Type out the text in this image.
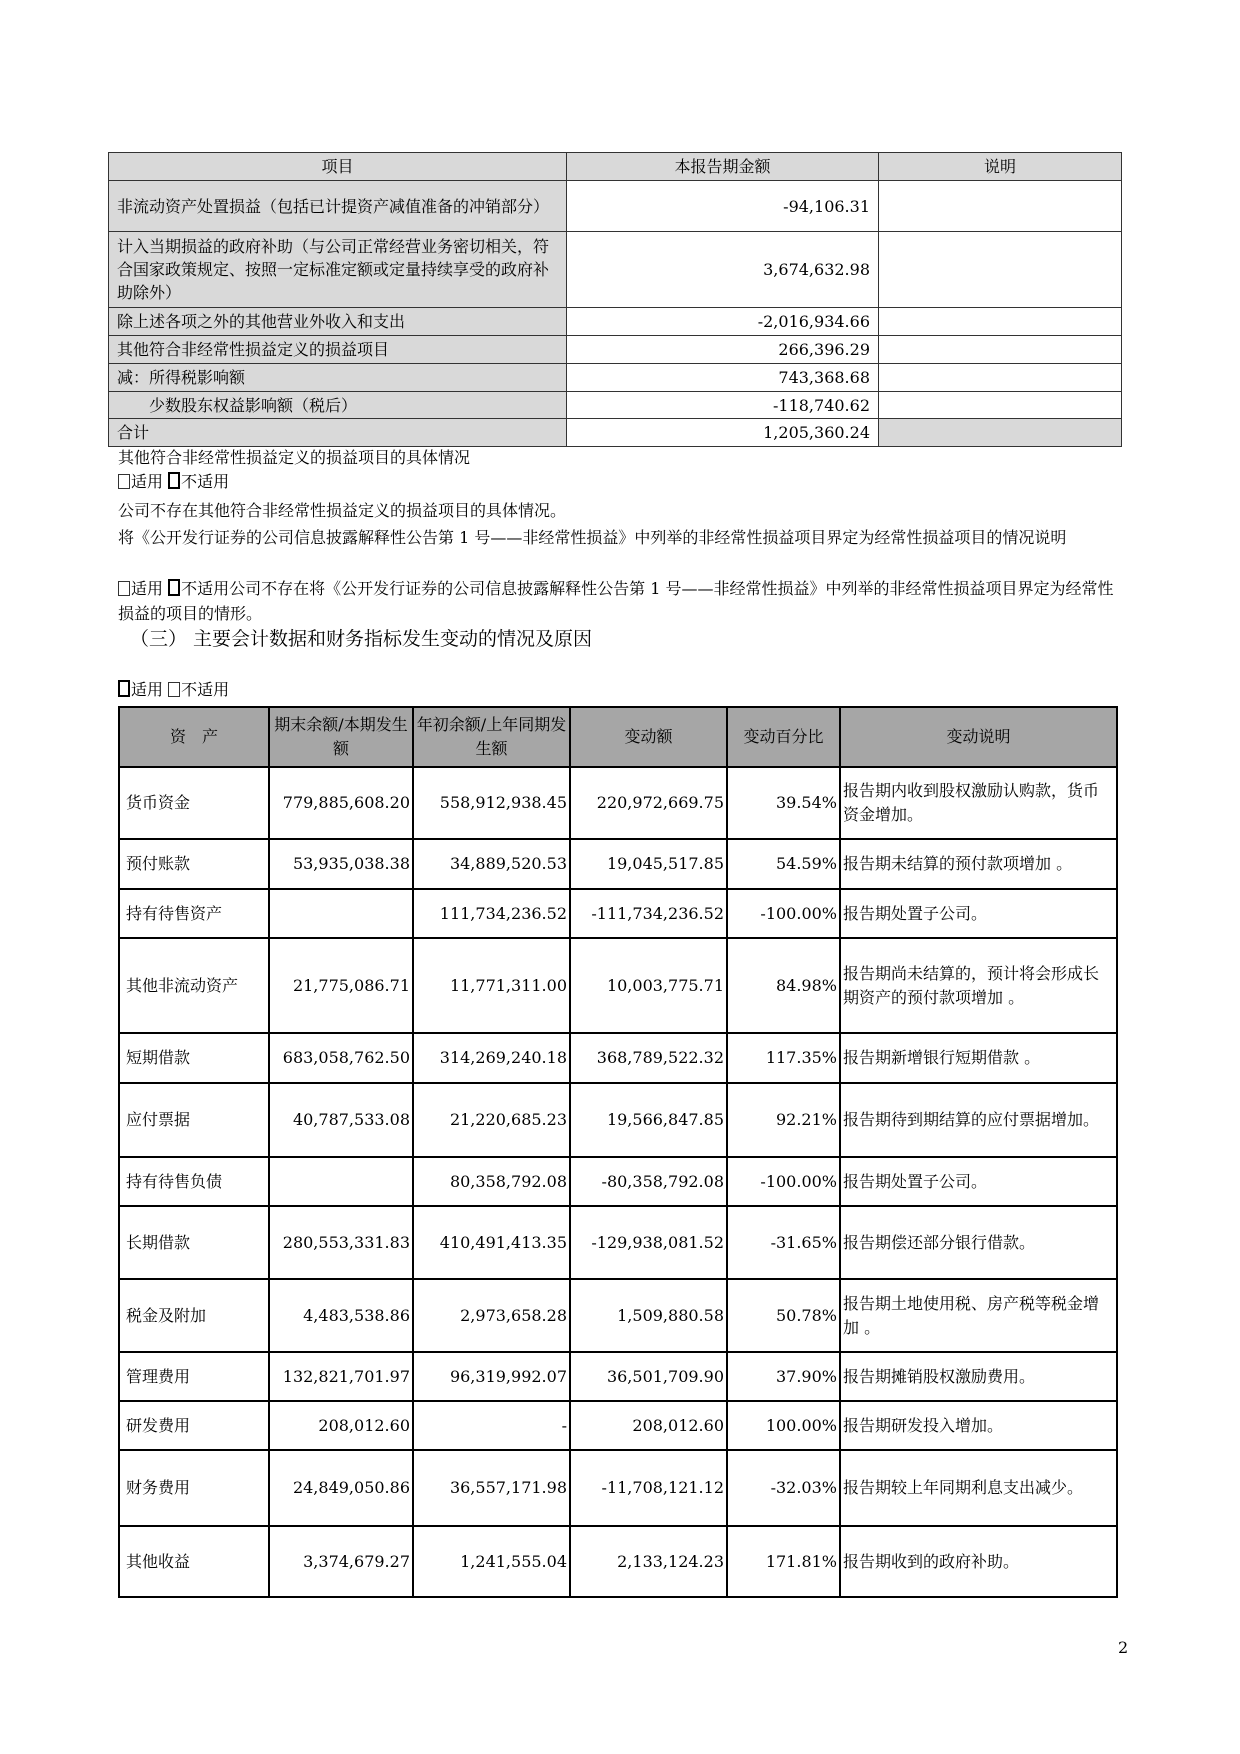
项目	本报告期金额	说明
非流动资产处置损益（包括已计提资产减值准备的冲销部分）	-94,106.31	
计入当期损益的政府补助（与公司正常经营业务密切相关，符合国家政策规定、按照一定标准定额或定量持续享受的政府补助除外）	3,674,632.98	
除上述各项之外的其他营业外收入和支出	-2,016,934.66	
其他符合非经常性损益定义的损益项目	266,396.29	
减：所得税影响额	743,368.68	
少数股东权益影响额（税后）	-118,740.62	
合计	1,205,360.24	
其他符合非经常性损益定义的损益项目的具体情况
适用 不适用
公司不存在其他符合非经常性损益定义的损益项目的具体情况。
将《公开发行证券的公司信息披露解释性公告第 1 号——非经常性损益》中列举的非经常性损益项目界定为经常性损益项目的情况说明
适用 不适用公司不存在将《公开发行证券的公司信息披露解释性公告第 1 号——非经常性损益》中列举的非经常性损益项目界定为经常性损益的项目的情形。
（三） 主要会计数据和财务指标发生变动的情况及原因
适用 不适用
资　产	期末余额/本期发生额	年初余额/上年同期发生额	变动额	变动百分比	变动说明
货币资金	779,885,608.20	558,912,938.45	220,972,669.75	39.54%	报告期内收到股权激励认购款，货币资金增加。
预付账款	53,935,038.38	34,889,520.53	19,045,517.85	54.59%	报告期未结算的预付款项增加 。
持有待售资产		111,734,236.52	-111,734,236.52	-100.00%	报告期处置子公司。
其他非流动资产	21,775,086.71	11,771,311.00	10,003,775.71	84.98%	报告期尚未结算的，预计将会形成长期资产的预付款项增加 。
短期借款	683,058,762.50	314,269,240.18	368,789,522.32	117.35%	报告期新增银行短期借款 。
应付票据	40,787,533.08	21,220,685.23	19,566,847.85	92.21%	报告期待到期结算的应付票据增加。
持有待售负债		80,358,792.08	-80,358,792.08	-100.00%	报告期处置子公司。
长期借款	280,553,331.83	410,491,413.35	-129,938,081.52	-31.65%	报告期偿还部分银行借款。
税金及附加	4,483,538.86	2,973,658.28	1,509,880.58	50.78%	报告期土地使用税、房产税等税金增加 。
管理费用	132,821,701.97	96,319,992.07	36,501,709.90	37.90%	报告期摊销股权激励费用。
研发费用	208,012.60	-	208,012.60	100.00%	报告期研发投入增加。
财务费用	24,849,050.86	36,557,171.98	-11,708,121.12	-32.03%	报告期较上年同期利息支出减少。
其他收益	3,374,679.27	1,241,555.04	2,133,124.23	171.81%	报告期收到的政府补助。
2
